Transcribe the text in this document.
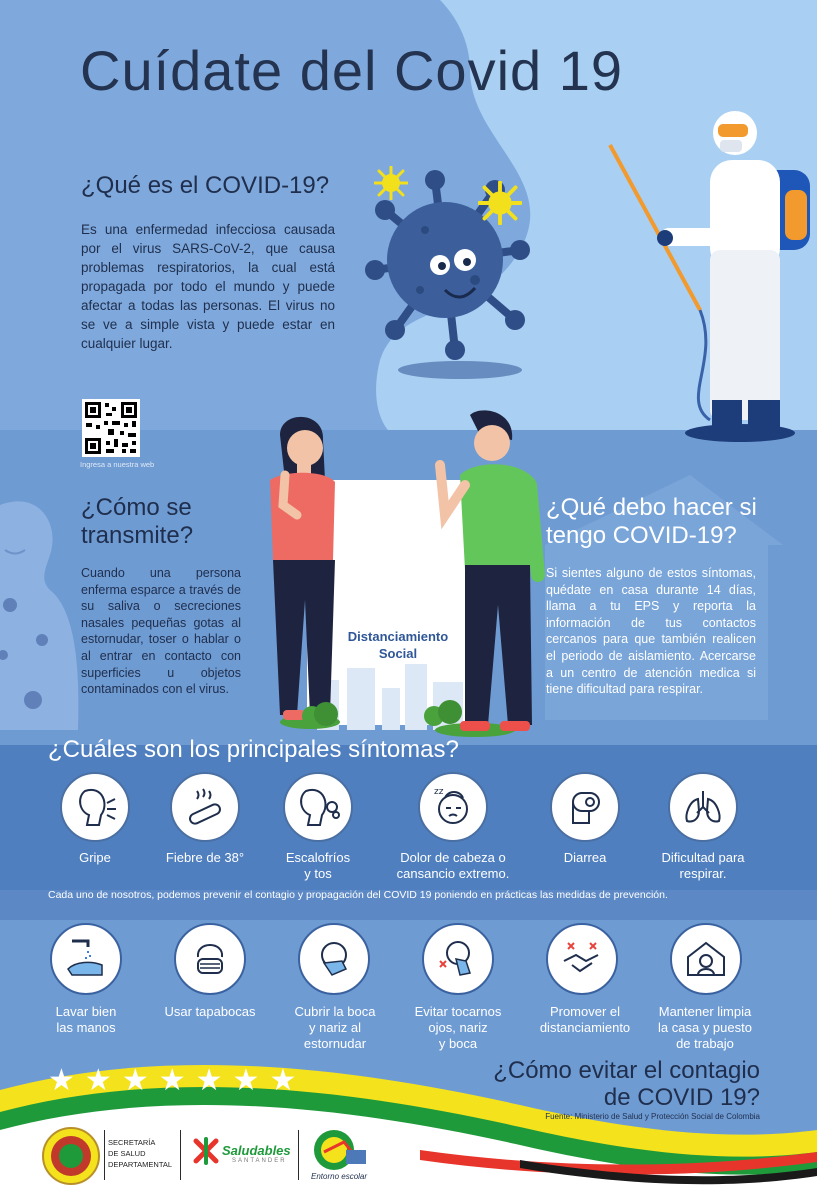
Cuídate del Covid 19
¿Qué es el COVID-19?
Es una enfermedad infecciosa causada por el virus SARS-CoV-2, que causa problemas respiratorios, la cual está propagada por todo el mundo y puede afectar a todas las personas. El virus no se ve a simple vista y puede estar en cualquier lugar.
Ingresa a nuestra web
¿Cómo se transmite?
Cuando una persona enferma esparce a través de su saliva o secreciones nasales pequeñas gotas al estornudar, toser o hablar o al entrar en contacto con superficies u objetos contaminados con el virus.
Distanciamiento
Social
¿Qué debo hacer si tengo COVID-19?
Si sientes alguno de estos síntomas, quédate en casa durante 14 días, llama a tu EPS y reporta la información de tus contactos cercanos para que también realicen el periodo de aislamiento. Acercarse a un centro de atención medica si tiene dificultad para respirar.
¿Cuáles son los principales síntomas?
zz
Gripe	Fiebre de 38°	Escalofríos
y tos
Dolor de cabeza o
cansancio extremo.
Diarrea	Dificultad para
respirar.
Cada uno de nosotros, podemos prevenir el contagio y propagación del COVID 19 poniendo en prácticas las medidas de prevención.
Lavar bien
las manos
Usar tapabocas	Cubrir la boca
y nariz al
estornudar
Evitar tocarnos
ojos, nariz
y boca
Promover el
distanciamiento
Mantener limpia
la casa y puesto
de trabajo
★ ★ ★ ★ ★ ★ ★	¿Cómo evitar el contagio
de COVID 19?
Fuente: Ministerio de Salud y Protección Social de Colombia
SECRETARÍA
DE SALUD
DEPARTAMENTAL
Saludables
SANTANDER
Entorno escolar
